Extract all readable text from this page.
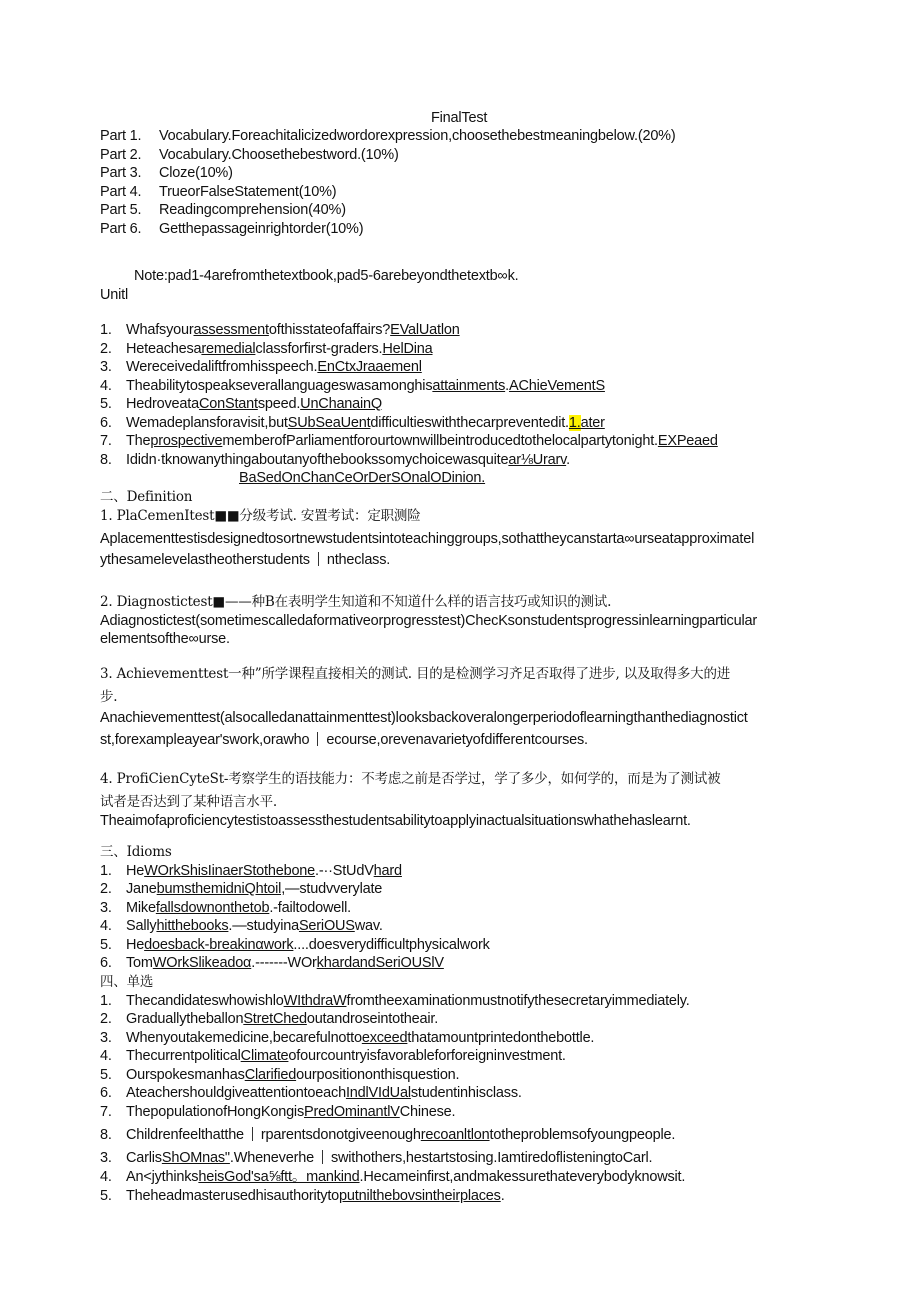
FinalTest
Part 1. Vocabulary.Foreachitalicizedwordorexpression,choosethebestmeaningbelow.(20%)
Part 2. Vocabulary.Choosethebestword.(10%)
Part 3. Cloze(10%)
Part 4. TrueorFalseStatement(10%)
Part 5. Readingcomprehension(40%)
Part 6. Getthepassageinrightorder(10%)
Note:pad1-4arefromthetextbook,pad5-6arebeyondthetextb∞k.
Unitl
1. Whafsyourassessmentofthisstateofaffairs?EValUatlon
2. Heteachesaremedialclassforfirst-graders.HelDina
3. Wereceivedaliftfromhisspeech.EnCtxJraaemenl
4. Theabilitytospeakseverallanguageswasamonghisattainments.AChieVementS
5. HedroveataConStantspeed.UnChanainQ
6. Wemadeplansforavisit,butSUbSeaUentdifficultieswiththecarpreventedit.1.ater
7. TheprospectivememberofParliamentforourtownwillbeintroducedtothelocalpartytonight.EXPeaed
8. Ididn·tknowanythingaboutanyofthebookssomychoicewasquitear⅛Urarv.
BaSedOnChanCeOrDerSOnalODinion.
二、Definition
1. PlaCemenItest■■分级考试. 安置考试：定职测险
Aplacementtestisdesignedtosortnewstudentsintoteachinggroups,sothattheycanstarta∞urseatapproximatel
ythesamelevelastheotherstudents ntheclass.
2. Diagnostictest■——种B在表明学生知道和不知道什么样的语言技巧或知识的测试.
Adiagnostictest(sometimescalledaformativeorprogresstest)ChecKsonstudentsprogressinlearningparticular
elementsofthe∞urse.
3. Achievementtest一种”所学课程直接相关的测试. 目的是检测学习齐足否取得了进步, 以及取得多大的进
步.
Anachievementtest(alsocalledanattainmenttest)looksbackoveralongerperiodoflearningthanthediagnostict
st,forexampleayear'swork,orawho ecourse,orevenavarietyofdifferentcourses.
4. ProfiCienCyteSt-考察学生的语技能力：不考虑之前是否学过，学了多少，如何学的，而是为了测试被
试者是否达到了某种语言水平.
Theaimofaproficiencytestistoassessthestudentsabilitytoapplyinactualsituationswhathehaslearnt.
三、Idioms
1. HeWOrkShisIinaerStothebone.-··StUdVhard
2. JanebumsthemidniQhtoil,—studvverylate
3. Mikefallsdownonthetob.-failtodowell.
4. Sallyhitthebooks.—studyinaSeriOUSwav.
5. Hedoesback-breakinαwork....doesverydifficultphysicalwork
6. TomWOrkSlikeadoα.-------WOrkhardandSeriOUSlV
四、单选
1. ThecandidateswhowishloWIthdraWfromtheexaminationmustnotifythesecretaryimmediately.
2. GraduallytheballonStretChedoutandroseintotheair.
3. Whenyoutakemedicine,becarefulnottoexceedthatamountprintedonthebottle.
4. ThecurrentpoliticalClimateofourcountryisfavorableforforeigninvestment.
5. OurspokesmanhasClarifiedourpositiononthisquestion.
6. AteachershouldgiveattentiontoeachIndlVIdUalstudentinhisclass.
7. ThepopulationofHongKongisPredOminantlVChinese.
8. Childrenfeelthatthe rparentsdonotgiveenoughrecoanltlontotheproblemsofyoungpeople.
3. CarlisShOMnas".Wheneverhe swithothers,hestartstosing.IamtiredoflisteningtoCarl.
4. An<jythinksheisGod'sa⅝ftt。mankind.Hecameinfirst,andmakessurethateverybodyknowsit.
5. Theheadmasterusedhisauthoritytoputnilthebovsintheirplaces.
